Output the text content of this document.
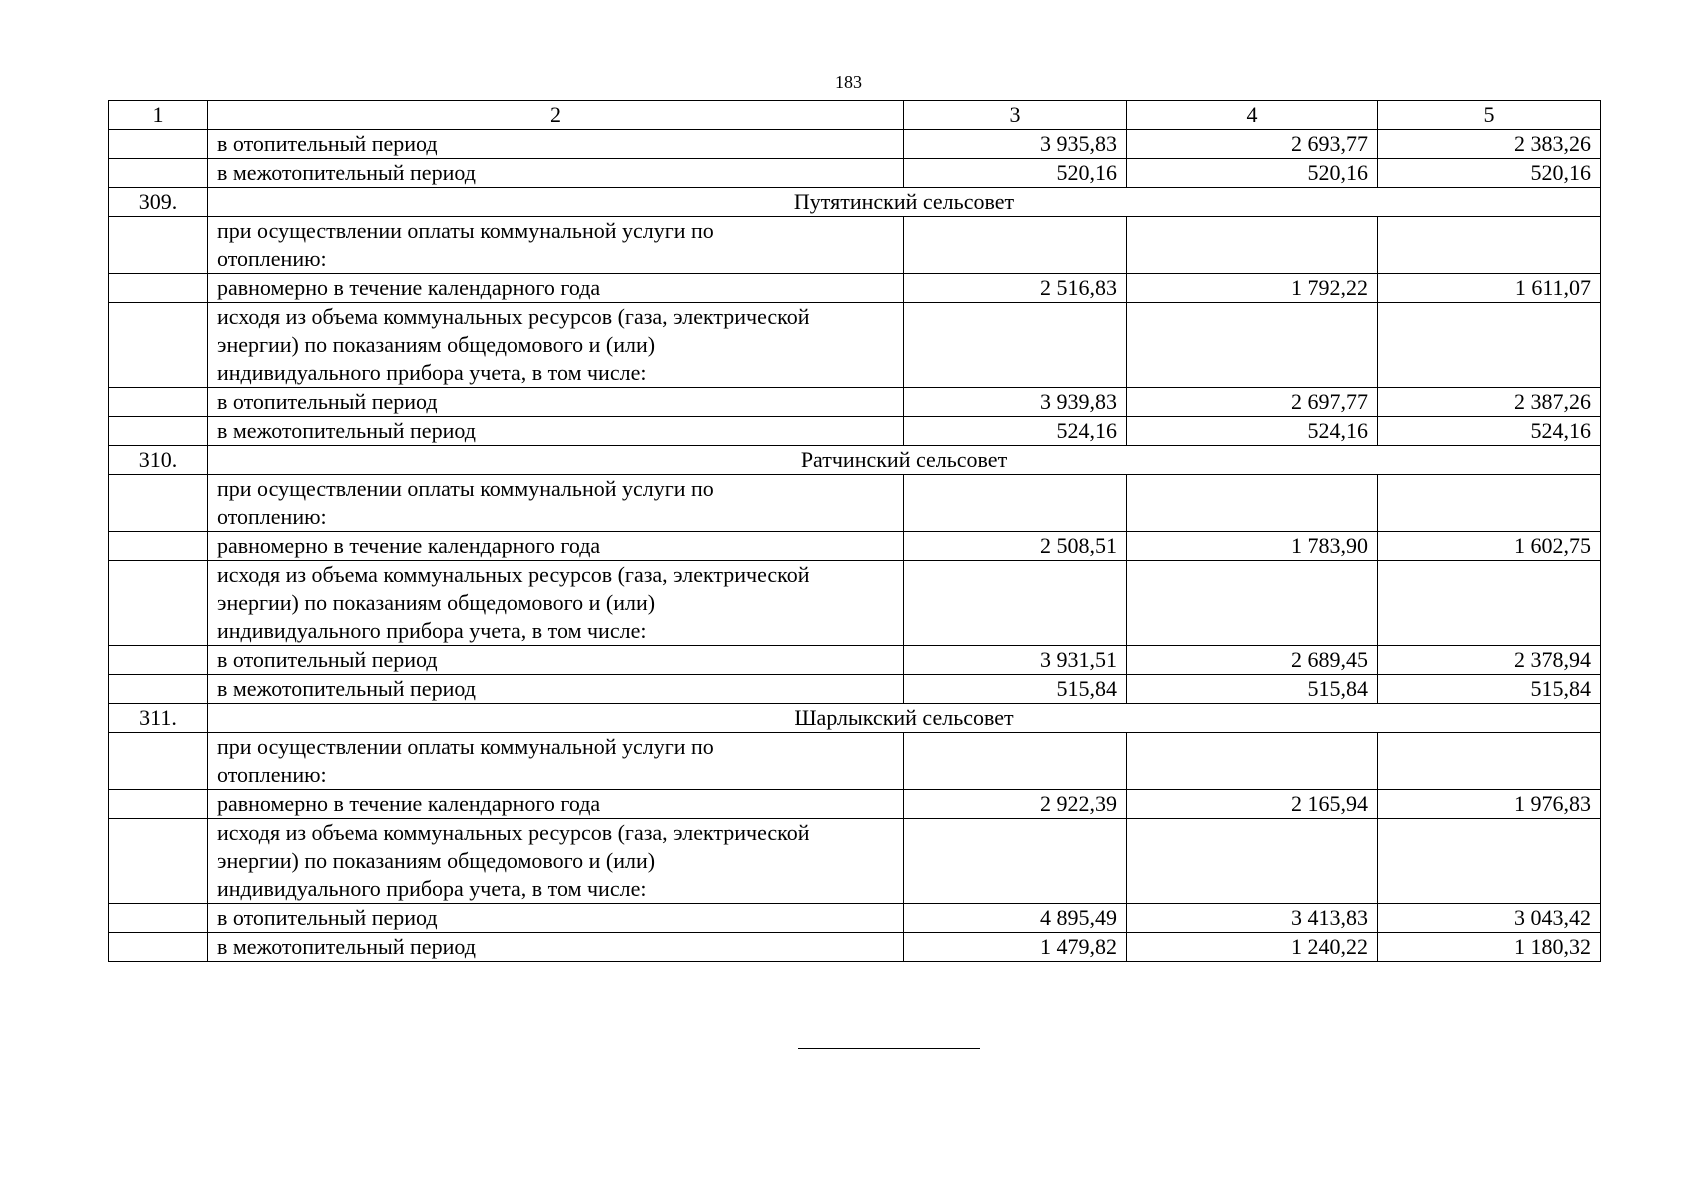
183
1	2	3	4	5
	в отопительный период	3 935,83	2 693,77	2 383,26
	в межотопительный период	520,16	520,16	520,16
309.	Путятинский сельсовет			
	при осуществлении оплаты коммунальной услуги по
отоплению:			
	равномерно в течение календарного года	2 516,83	1 792,22	1 611,07
	исходя из объема коммунальных ресурсов (газа, электрической
энергии) по показаниям общедомового и (или)
индивидуального прибора учета, в том числе:			
	в отопительный период	3 939,83	2 697,77	2 387,26
	в межотопительный период	524,16	524,16	524,16
310.	Ратчинский сельсовет			
	при осуществлении оплаты коммунальной услуги по
отоплению:			
	равномерно в течение календарного года	2 508,51	1 783,90	1 602,75
	исходя из объема коммунальных ресурсов (газа, электрической
энергии) по показаниям общедомового и (или)
индивидуального прибора учета, в том числе:			
	в отопительный период	3 931,51	2 689,45	2 378,94
	в межотопительный период	515,84	515,84	515,84
311.	Шарлыкский сельсовет			
	при осуществлении оплаты коммунальной услуги по
отоплению:			
	равномерно в течение календарного года	2 922,39	2 165,94	1 976,83
	исходя из объема коммунальных ресурсов (газа, электрической
энергии) по показаниям общедомового и (или)
индивидуального прибора учета, в том числе:			
	в отопительный период	4 895,49	3 413,83	3 043,42
	в межотопительный период	1 479,82	1 240,22	1 180,32
